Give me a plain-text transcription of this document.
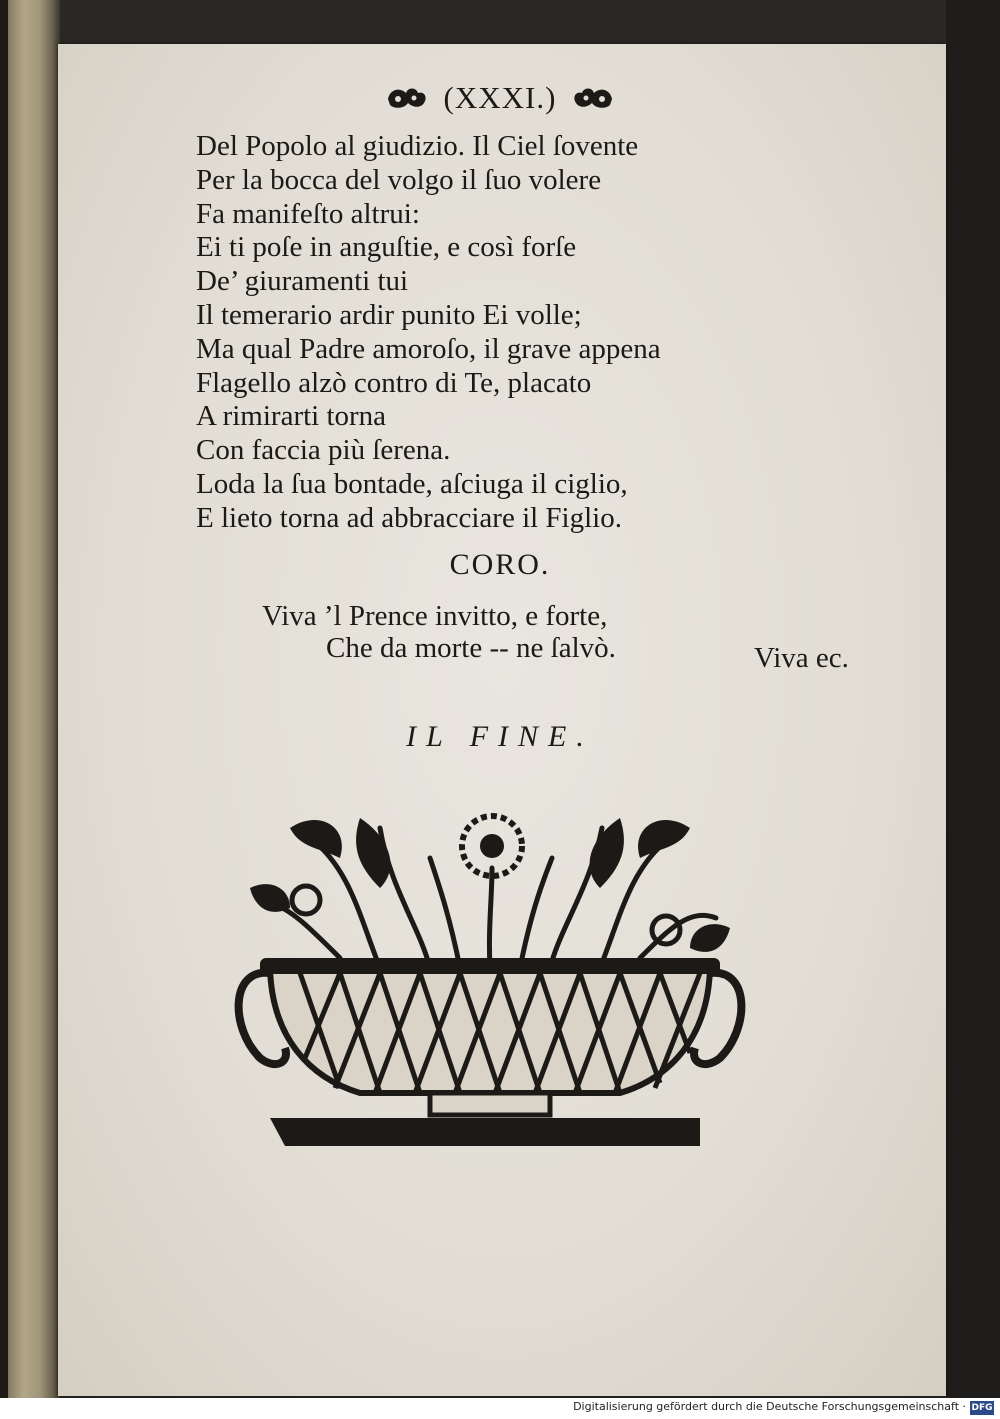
(XXXI.)
Del Popolo al giudizio. Il Ciel ſovente
Per la bocca del volgo il ſuo volere
Fa manifeſto altrui:
Ei ti poſe in anguſtie, e così forſe
De’ giuramenti tui
Il temerario ardir punito Ei volle;
Ma qual Padre amoroſo, il grave appena
Flagello alzò contro di Te, placato
A rimirarti torna
Con faccia più ſerena.
Loda la ſua bontade, aſciuga il ciglio,
E lieto torna ad abbracciare il Figlio.
CORO.
Viva ’l Prence invitto, e forte,
Che da morte -- ne ſalvò.	Viva ec.
IL FINE.
Digitalisierung gefördert durch die Deutsche Forschungsgemeinschaft · DFG
